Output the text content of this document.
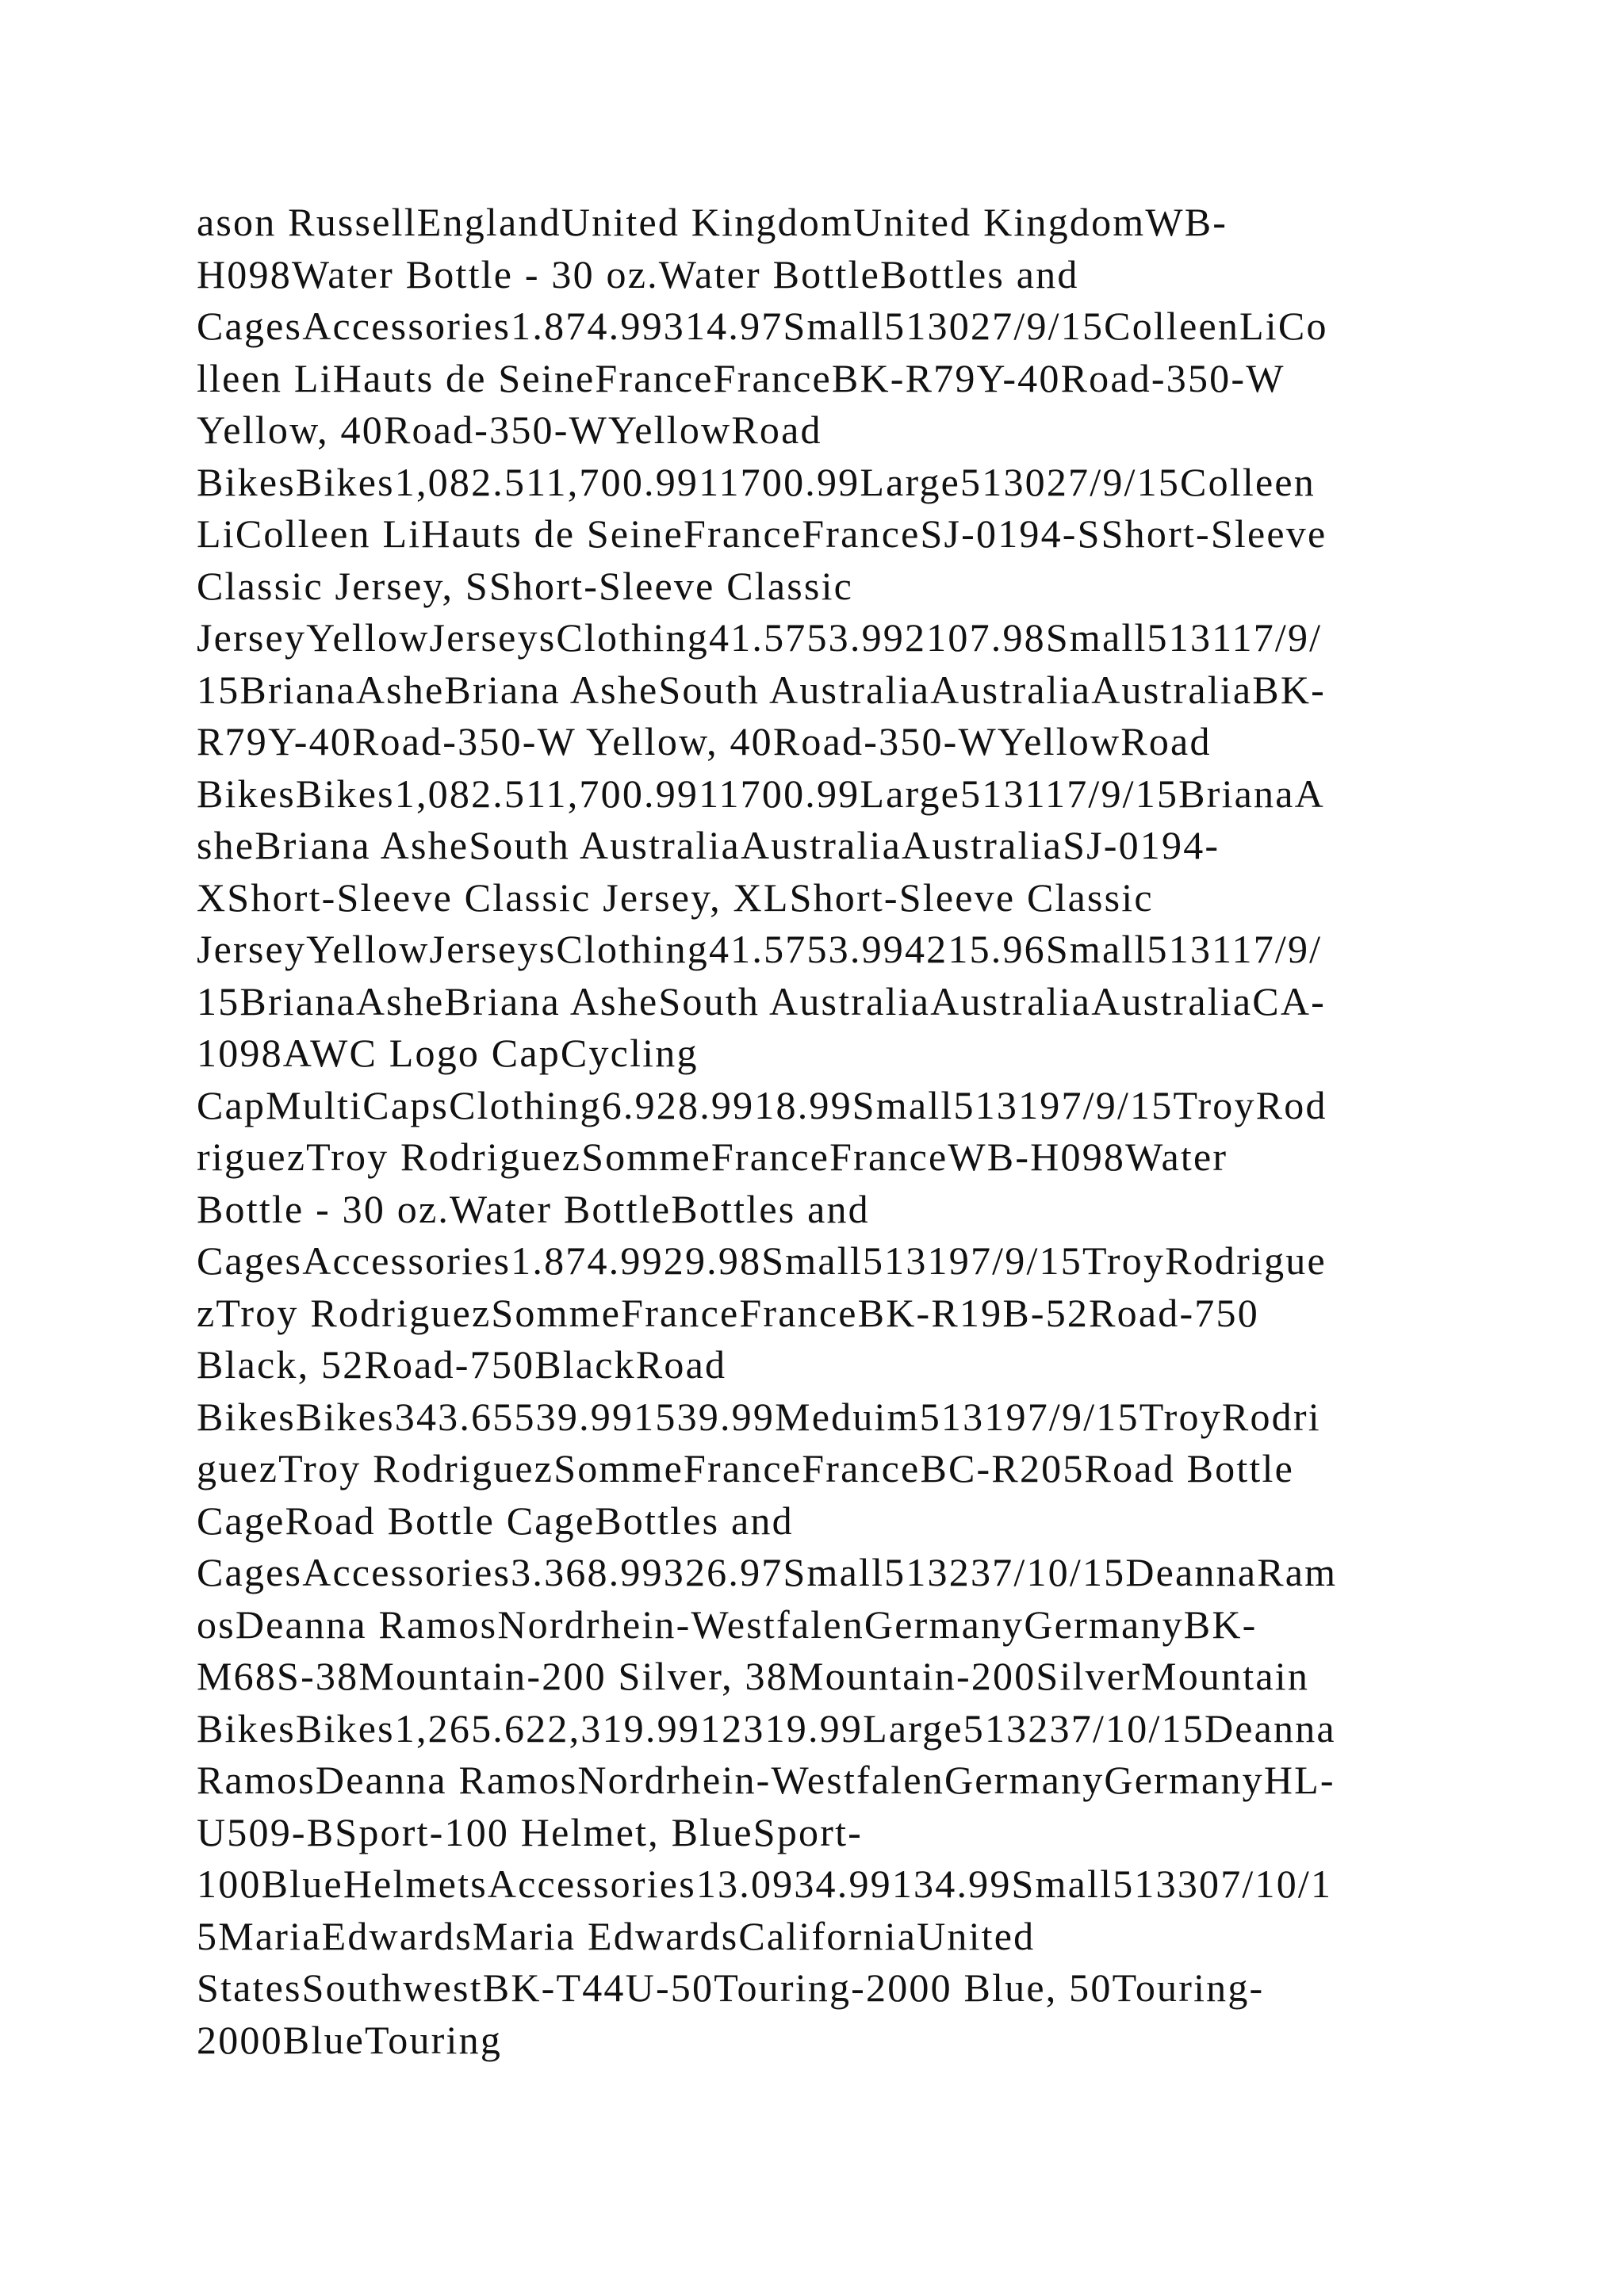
ason RussellEnglandUnited KingdomUnited KingdomWB-
H098Water Bottle - 30 oz.Water BottleBottles and
CagesAccessories1.874.99314.97Small513027/9/15ColleenLiCo
lleen LiHauts de SeineFranceFranceBK-R79Y-40Road-350-W
Yellow, 40Road-350-WYellowRoad
BikesBikes1,082.511,700.9911700.99Large513027/9/15Colleen
LiColleen LiHauts de SeineFranceFranceSJ-0194-SShort-Sleeve
Classic Jersey, SShort-Sleeve Classic
JerseyYellowJerseysClothing41.5753.992107.98Small513117/9/
15BrianaAsheBriana AsheSouth AustraliaAustraliaAustraliaBK-
R79Y-40Road-350-W Yellow, 40Road-350-WYellowRoad
BikesBikes1,082.511,700.9911700.99Large513117/9/15BrianaA
sheBriana AsheSouth AustraliaAustraliaAustraliaSJ-0194-
XShort-Sleeve Classic Jersey, XLShort-Sleeve Classic
JerseyYellowJerseysClothing41.5753.994215.96Small513117/9/
15BrianaAsheBriana AsheSouth AustraliaAustraliaAustraliaCA-
1098AWC Logo CapCycling
CapMultiCapsClothing6.928.9918.99Small513197/9/15TroyRod
riguezTroy RodriguezSommeFranceFranceWB-H098Water
Bottle - 30 oz.Water BottleBottles and
CagesAccessories1.874.9929.98Small513197/9/15TroyRodrigue
zTroy RodriguezSommeFranceFranceBK-R19B-52Road-750
Black, 52Road-750BlackRoad
BikesBikes343.65539.991539.99Meduim513197/9/15TroyRodri
guezTroy RodriguezSommeFranceFranceBC-R205Road Bottle
CageRoad Bottle CageBottles and
CagesAccessories3.368.99326.97Small513237/10/15DeannaRam
osDeanna RamosNordrhein-WestfalenGermanyGermanyBK-
M68S-38Mountain-200 Silver, 38Mountain-200SilverMountain
BikesBikes1,265.622,319.9912319.99Large513237/10/15Deanna
RamosDeanna RamosNordrhein-WestfalenGermanyGermanyHL-
U509-BSport-100 Helmet, BlueSport-
100BlueHelmetsAccessories13.0934.99134.99Small513307/10/1
5MariaEdwardsMaria EdwardsCaliforniaUnited
StatesSouthwestBK-T44U-50Touring-2000 Blue, 50Touring-
2000BlueTouring
